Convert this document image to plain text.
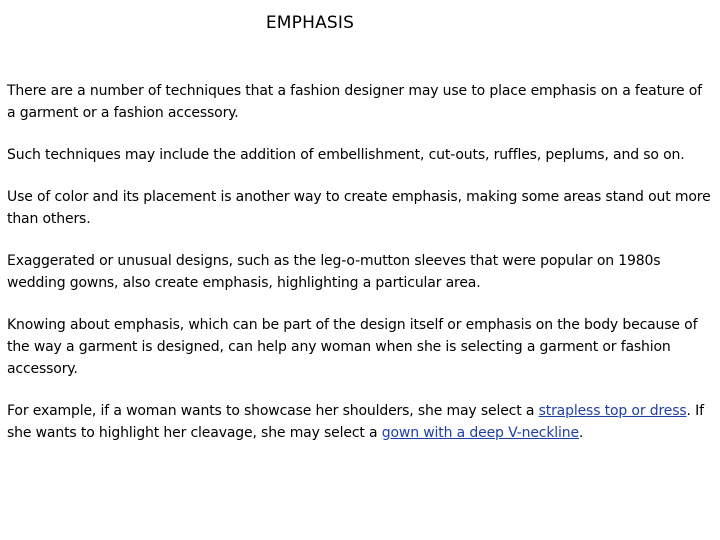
EMPHASIS

There are a number of techniques that a fashion designer may use to place emphasis on a feature of a garment or a fashion accessory.

Such techniques may include the addition of embellishment, cut-outs, ruffles, peplums, and so on.

Use of color and its placement is another way to create emphasis, making some areas stand out more than others.

Exaggerated or unusual designs, such as the leg-o-mutton sleeves that were popular on 1980s wedding gowns, also create emphasis, highlighting a particular area.

Knowing about emphasis, which can be part of the design itself or emphasis on the body because of the way a garment is designed, can help any woman when she is selecting a garment or fashion accessory.

For example, if a woman wants to showcase her shoulders, she may select a strapless top or dress. If she wants to highlight her cleavage, she may select a gown with a deep V-neckline.
